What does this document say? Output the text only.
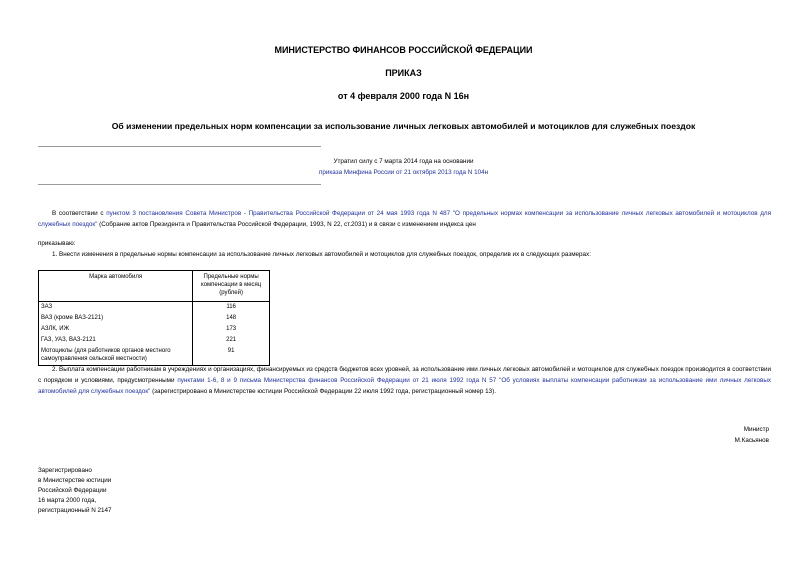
МИНИСТЕРСТВО ФИНАНСОВ РОССИЙСКОЙ ФЕДЕРАЦИИ
ПРИКАЗ
от 4 февраля 2000 года N 16н
Об изменении предельных норм компенсации за использование личных легковых автомобилей и мотоциклов для служебных поездок
Утратил силу с 7 марта 2014 года на основании
приказа Минфина России от 21 октября 2013 года N 104н
В соответствии с пунктом 3 постановления Совета Министров - Правительства Российской Федерации от 24 мая 1993 года N 487 "О предельных нормах компенсации за использование личных легковых автомобилей и мотоциклов для служебных поездок" (Собрание актов Президента и Правительства Российской Федерации, 1993, N 22, ст.2031) и в связи с изменением индекса цен
приказываю:
1. Внести изменения в предельные нормы компенсации за использование личных легковых автомобилей и мотоциклов для служебных поездок, определив их в следующих размерах:
Марка автомобиля	Предельные нормы компенсации в месяц (рублей)
ЗАЗ	116
ВАЗ (кроме ВАЗ-2121)	148
АЗЛК, ИЖ	173
ГАЗ, УАЗ, ВАЗ-2121	221
Мотоциклы (для работников органов местного самоуправления сельской местности)	91
2. Выплата компенсации работникам в учреждениях и организациях, финансируемых из средств бюджетов всех уровней, за использование ими личных легковых автомобилей и мотоциклов для служебных поездок производится в соответствии с порядком и условиями, предусмотренными пунктами 1-6, 8 и 9 письма Министерства финансов Российской Федерации от 21 июля 1992 года N 57 "Об условиях выплаты компенсации работникам за использование ими личных легковых автомобилей для служебных поездок" (зарегистрировано в Министерстве юстиции Российской Федерации 22 июля 1992 года, регистрационный номер 13).
Министр
М.Касьянов
Зарегистрировано
в Министерстве юстиции
Российской Федерации
16 марта 2000 года,
регистрационный N 2147
